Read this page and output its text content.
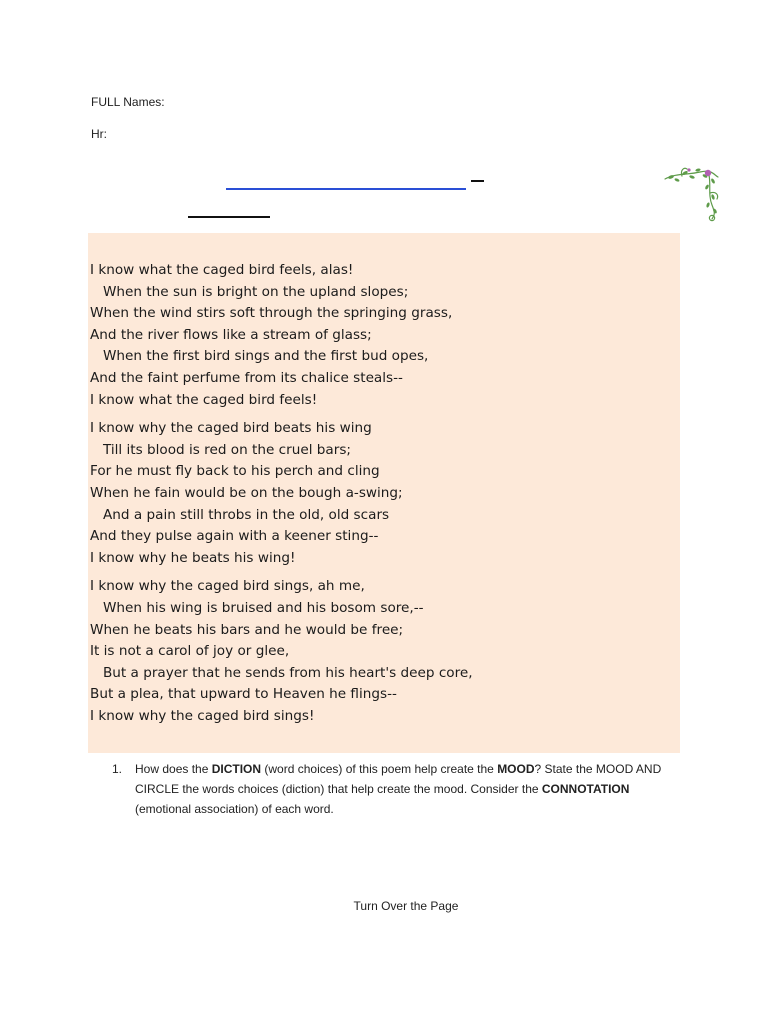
FULL Names:
Hr:
I know what the caged bird feels, alas!
When the sun is bright on the upland slopes;
When the wind stirs soft through the springing grass,
And the river flows like a stream of glass;
When the first bird sings and the first bud opes,
And the faint perfume from its chalice steals--
I know what the caged bird feels!
I know why the caged bird beats his wing
Till its blood is red on the cruel bars;
For he must fly back to his perch and cling
When he fain would be on the bough a-swing;
And a pain still throbs in the old, old scars
And they pulse again with a keener sting--
I know why he beats his wing!
I know why the caged bird sings, ah me,
When his wing is bruised and his bosom sore,--
When he beats his bars and he would be free;
It is not a carol of joy or glee,
But a prayer that he sends from his heart's deep core,
But a plea, that upward to Heaven he flings--
I know why the caged bird sings!
1. How does the DICTION (word choices) of this poem help create the MOOD? State the MOOD AND CIRCLE the words choices (diction) that help create the mood. Consider the CONNOTATION (emotional association) of each word.
Turn Over the Page
